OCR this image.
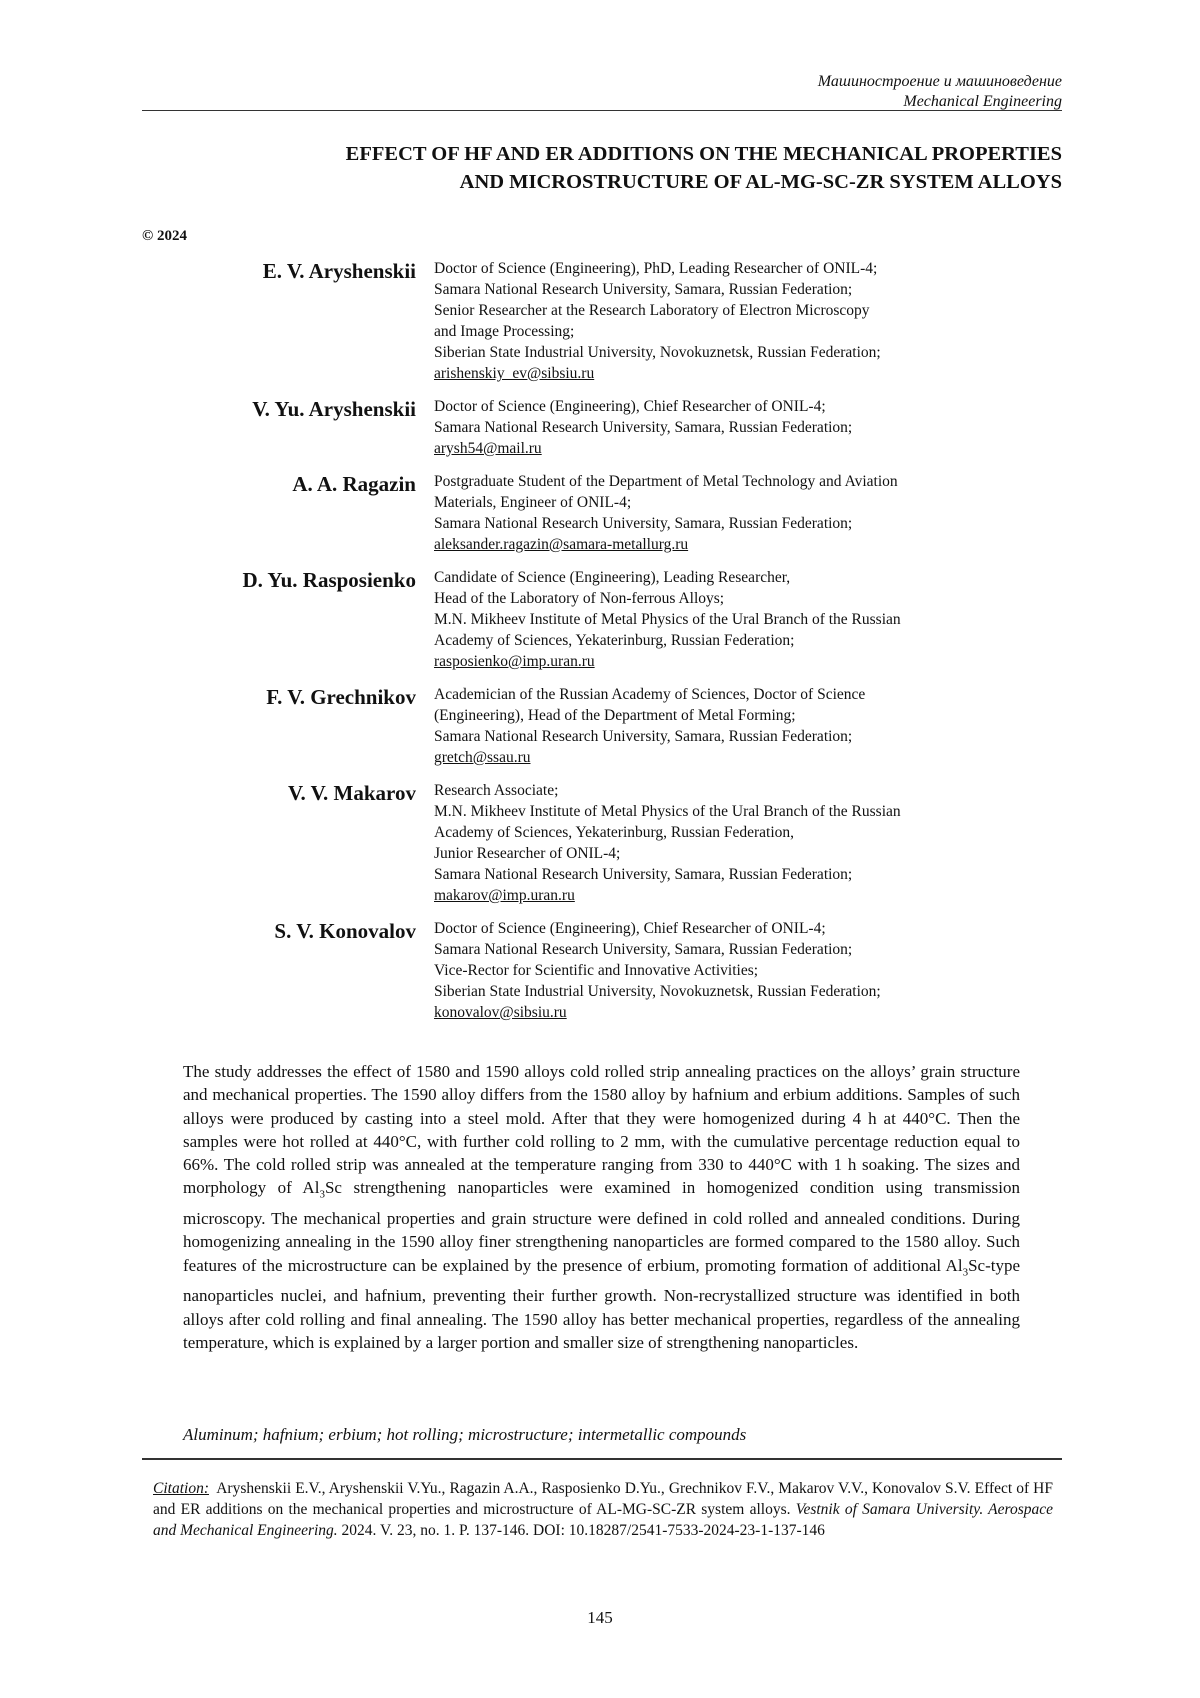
Машиностроение и машиноведение
Mechanical Engineering
EFFECT OF HF AND ER ADDITIONS ON THE MECHANICAL PROPERTIES
AND MICROSTRUCTURE OF AL-MG-SC-ZR SYSTEM ALLOYS
© 2024
E. V. Aryshenskii	Doctor of Science (Engineering), PhD, Leading Researcher of ONIL-4;
Samara National Research University, Samara, Russian Federation;
Senior Researcher at the Research Laboratory of Electron Microscopy
and Image Processing;
Siberian State Industrial University, Novokuznetsk, Russian Federation;
arishenskiy_ev@sibsiu.ru
V. Yu. Aryshenskii	Doctor of Science (Engineering), Chief Researcher of ONIL-4;
Samara National Research University, Samara, Russian Federation;
arysh54@mail.ru
A. A. Ragazin	Postgraduate Student of the Department of Metal Technology and Aviation
Materials, Engineer of ONIL-4;
Samara National Research University, Samara, Russian Federation;
aleksander.ragazin@samara-metallurg.ru
D. Yu. Rasposienko	Candidate of Science (Engineering), Leading Researcher,
Head of the Laboratory of Non-ferrous Alloys;
M.N. Mikheev Institute of Metal Physics of the Ural Branch of the Russian
Academy of Sciences, Yekaterinburg, Russian Federation;
rasposienko@imp.uran.ru
F. V. Grechnikov	Academician of the Russian Academy of Sciences, Doctor of Science
(Engineering), Head of the Department of Metal Forming;
Samara National Research University, Samara, Russian Federation;
gretch@ssau.ru
V. V. Makarov	Research Associate;
M.N. Mikheev Institute of Metal Physics of the Ural Branch of the Russian
Academy of Sciences, Yekaterinburg, Russian Federation,
Junior Researcher of ONIL-4;
Samara National Research University, Samara, Russian Federation;
makarov@imp.uran.ru
S. V. Konovalov	Doctor of Science (Engineering), Chief Researcher of ONIL-4;
Samara National Research University, Samara, Russian Federation;
Vice-Rector for Scientific and Innovative Activities;
Siberian State Industrial University, Novokuznetsk, Russian Federation;
konovalov@sibsiu.ru
The study addresses the effect of 1580 and 1590 alloys cold rolled strip annealing practices on the alloys’ grain structure and mechanical properties. The 1590 alloy differs from the 1580 alloy by hafnium and erbium additions. Samples of such alloys were produced by casting into a steel mold. After that they were homogenized during 4 h at 440°C. Then the samples were hot rolled at 440°C, with further cold rolling to 2 mm, with the cumulative percentage reduction equal to 66%. The cold rolled strip was annealed at the temperature ranging from 330 to 440°C with 1 h soaking. The sizes and morphology of $Al_3Sc$ strengthening nanoparticles were examined in homogenized condition using transmission microscopy. The mechanical properties and grain structure were defined in cold rolled and annealed conditions. During homogenizing annealing in the 1590 alloy finer strengthening nanoparticles are formed compared to the 1580 alloy. Such features of the microstructure can be explained by the presence of erbium, promoting formation of additional $Al_3Sc$-type nanoparticles nuclei, and hafnium, preventing their further growth. Non-recrystallized structure was identified in both alloys after cold rolling and final annealing. The 1590 alloy has better mechanical properties, regardless of the annealing temperature, which is explained by a larger portion and smaller size of strengthening nanoparticles.
Aluminum; hafnium; erbium; hot rolling; microstructure; intermetallic compounds
Citation: Aryshenskii E.V., Aryshenskii V.Yu., Ragazin A.A., Rasposienko D.Yu., Grechnikov F.V., Makarov V.V., Konovalov S.V. Effect of HF and ER additions on the mechanical properties and microstructure of AL-MG-SC-ZR system alloys. Vestnik of Samara University. Aerospace and Mechanical Engineering. 2024. V. 23, no. 1. P. 137-146. DOI: 10.18287/2541-7533-2024-23-1-137-146
145
